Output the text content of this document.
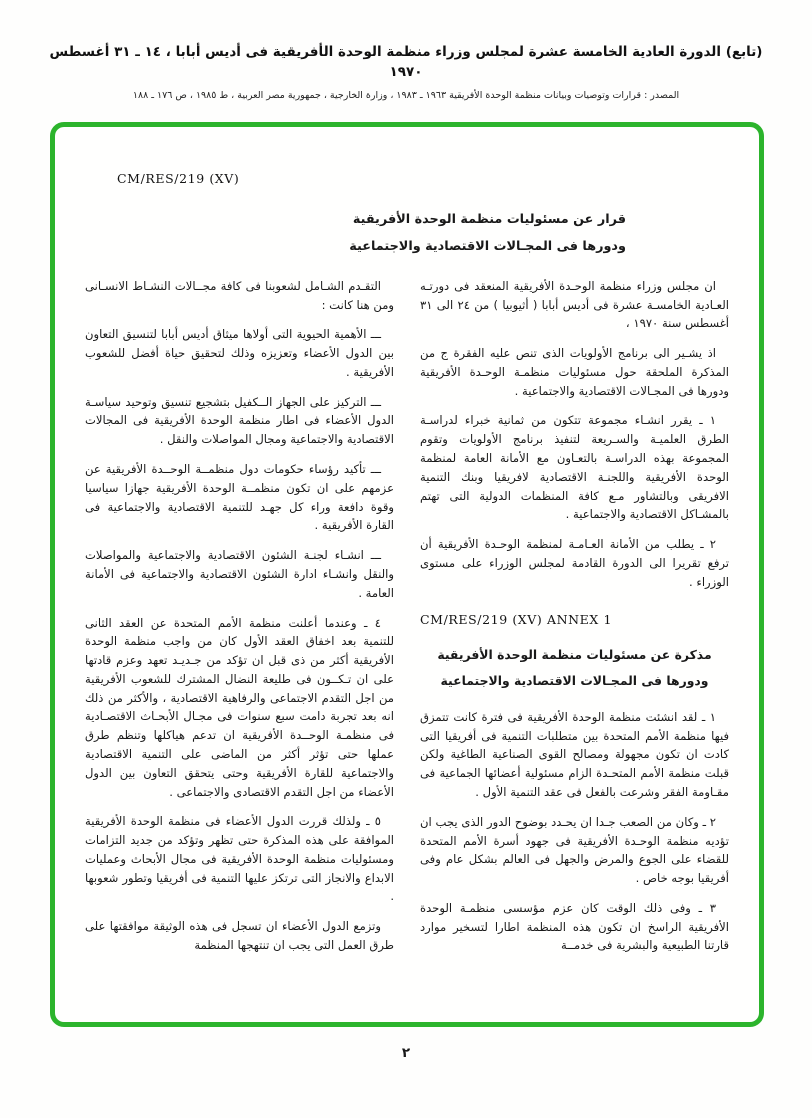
(تابع) الدورة العادية الخامسة عشرة لمجلس وزراء منظمة الوحدة الأفريقية فى أديس أبابا ، ١٤ ـ ٣١ أغسطس ١٩٧٠
المصدر : قرارات وتوصيات وبيانات منظمة الوحدة الأفريقية ١٩٦٣ ـ ١٩٨٣ ، وزارة الخارجية ، جمهورية مصر العربية ، ط ١٩٨٥ ، ص ١٧٦ ـ ١٨٨
CM/RES/219 (XV)
قرار عن مسئوليات منظمة الوحدة الأفريقية
ودورها فى المجـالات الاقتصادية والاجتماعية

ان مجلس وزراء منظمة الوحـدة الأفريقية المنعقد فى دورتـه العـادية الخامسـة عشرة فى أديس أبابا ( أثيوبيا ) من ٢٤ الى ٣١ أغسطس سنة ١٩٧٠ ،

اذ يشـير الى برنامج الأولويات الذى تنص عليه الفقرة ج من المذكرة الملحقة حول مسئوليات منظمـة الوحـدة الأفريقية ودورها فى المجـالات الاقتصادية والاجتماعية .

١ ـ يقرر انشـاء مجموعة تتكون من ثمانية خبراء لدراسـة الطرق العلميـة والسـريعة لتنفيذ برنامج الأولويات وتقوم المجموعة بهذه الدراسـة بالتعـاون مع الأمانة العامة لمنظمة الوحدة الأفريقية واللجنـة الاقتصادية لافريقيا وبنك التنمية الافريقى وبالتشاور مـع كافة المنظمات الدولية التى تهتم بالمشـاكل الاقتصادية والاجتماعية .

٢ ـ يطلب من الأمانة العـامـة لمنظمة الوحـدة الأفريقية أن ترفع تقريرا الى الدورة القادمة لمجلس الوزراء على مستوى الوزراء .

CM/RES/219 (XV) ANNEX 1
مذكرة عن مسئوليات منظمة الوحدة الأفريقية
ودورها فى المجـالات الاقتصادية والاجتماعية

١ ـ لقد انشئت منظمة الوحدة الأفريقية فى فترة كانت تتمزق فيها منظمة الأمم المتحدة بين متطلبات التنمية فى أفريقيا التى كادت ان تكون مجهولة ومصالح القوى الصناعية الطاغية ولكن قبلت منظمة الأمم المتحـدة الزام مسئولية أعضائها الجماعية فى مقـاومة الفقر وشرعت بالفعل فى عقد التنمية الأول .

٢ ـ وكان من الصعب جـدا ان يحـدد بوضوح الدور الذى يجب ان تؤديه منظمة الوحـدة الأفريقية فى جهود أسرة الأمم المتحدة للقضاء على الجوع والمرض والجهل فى العالم بشكل عام وفى أفريقيا بوجه خاص .

٣ ـ وفى ذلك الوقت كان عزم مؤسسى منظمـة الوحدة الأفريقية الراسخ ان تكون هذه المنظمة اطارا لتسخير موارد قارتنا الطبيعية والبشرية فى خدمــة

التقـدم الشـامل لشعوبنا فى كافة مجــالات النشـاط الانسـانى ومن هنا كانت :

ـــ الأهمية الحيوية التى أولاها ميثاق أديس أبابا لتنسيق التعاون بين الدول الأعضاء وتعزيزه وذلك لتحقيق حياة أفضل للشعوب الأفريقية .

ـــ التركيز على الجهاز الــكفيل بتشجيع تنسيق وتوحيد سياسـة الدول الأعضاء فى اطار منظمة الوحدة الأفريقية فى المجالات الاقتصادية والاجتماعية ومجال المواصلات والنقل .

ـــ تأكيد رؤساء حكومات دول منظمــة الوحــدة الأفريقية عن عزمهم على ان تكون منظمــة الوحدة الأفريقية جهازا سياسيا وقوة دافعة وراء كل جهـد للتنمية الاقتصادية والاجتماعية فى القارة الأفريقية .

ـــ انشـاء لجنـة الشئون الاقتصادية والاجتماعية والمواصلات والنقل وانشـاء ادارة الشئون الاقتصادية والاجتماعية فى الأمانة العامة .

٤ ـ وعندما أعلنت منظمة الأمم المتحدة عن العقد الثانى للتنمية بعد اخفاق العقد الأول كان من واجب منظمة الوحدة الأفريقية أكثر من ذى قبل ان تؤكد من جـديـد تعهد وعزم قادتها على ان تـكــون فى طليعة النضال المشترك للشعوب الأفريقية من اجل التقدم الاجتماعى والرفاهية الاقتصادية ، والأكثر من ذلك انه بعد تجربة دامت سبع سنوات فى مجـال الأبحـاث الاقتصـادية فى منظمـة الوحــدة الأفريقية ان تدعم هياكلها وتنظم طرق عملها حتى تؤثر أكثر من الماضى على التنمية الاقتصادية والاجتماعية للقارة الأفريقية وحتى يتحقق التعاون بين الدول الأعضاء من اجل التقدم الاقتصادى والاجتماعى .

٥ ـ ولذلك قررت الدول الأعضاء فى منظمة الوحدة الأفريقية الموافقة على هذه المذكرة حتى تظهر وتؤكد من جديد التزامات ومسئوليات منظمة الوحدة الأفريقية فى مجال الأبحاث وعمليات الابداع والانجاز التى ترتكز عليها التنمية فى أفريقيا وتطور شعوبها .

وتزمع الدول الأعضاء ان تسجل فى هذه الوثيقة موافقتها على طرق العمل التى يجب ان تنتهجها المنظمة

٢
